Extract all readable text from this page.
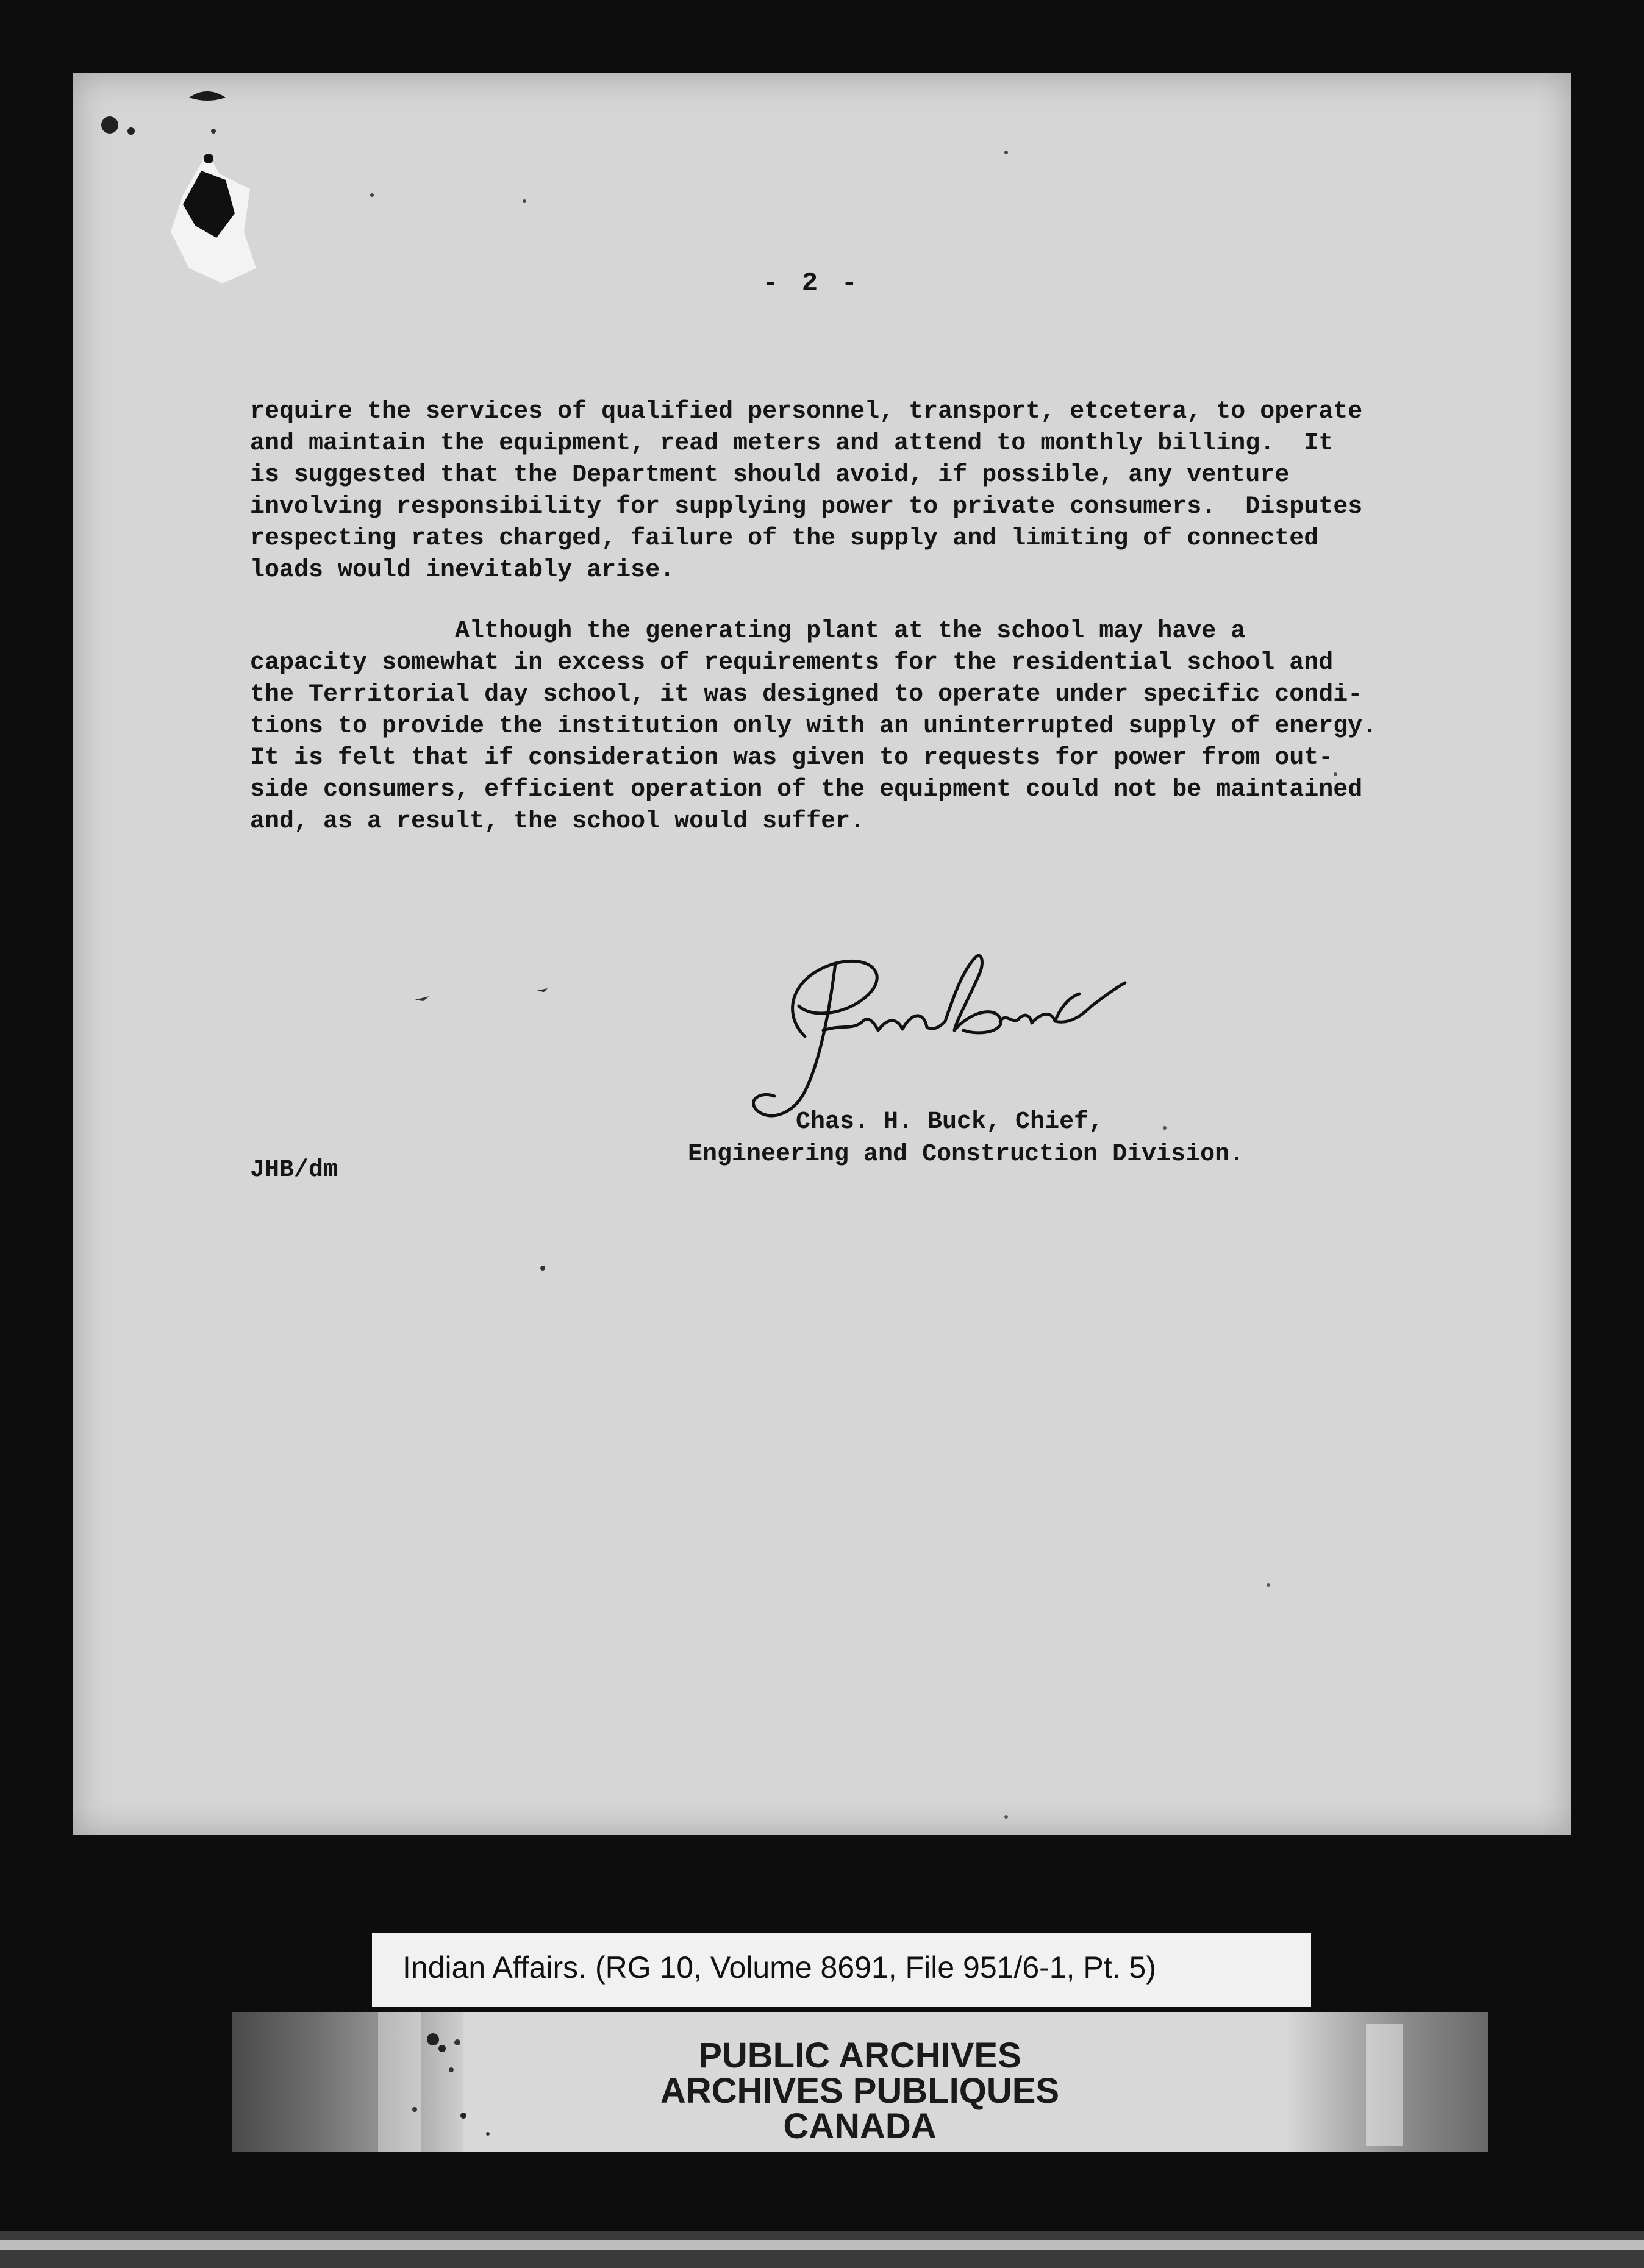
- 2 -
require the services of qualified personnel, transport, etcetera, to operate
and maintain the equipment, read meters and attend to monthly billing.  It
is suggested that the Department should avoid, if possible, any venture
involving responsibility for supplying power to private consumers.  Disputes
respecting rates charged, failure of the supply and limiting of connected
loads would inevitably arise.
Although the generating plant at the school may have a
capacity somewhat in excess of requirements for the residential school and
the Territorial day school, it was designed to operate under specific condi-
tions to provide the institution only with an uninterrupted supply of energy.
It is felt that if consideration was given to requests for power from out-
side consumers, efficient operation of the equipment could not be maintained
and, as a result, the school would suffer.
Chas H Buck
Chas. H. Buck, Chief,
Engineering and Construction Division.
JHB/dm
Indian Affairs. (RG 10, Volume 8691, File 951/6-1, Pt. 5)
PUBLIC ARCHIVES
ARCHIVES PUBLIQUES
CANADA
